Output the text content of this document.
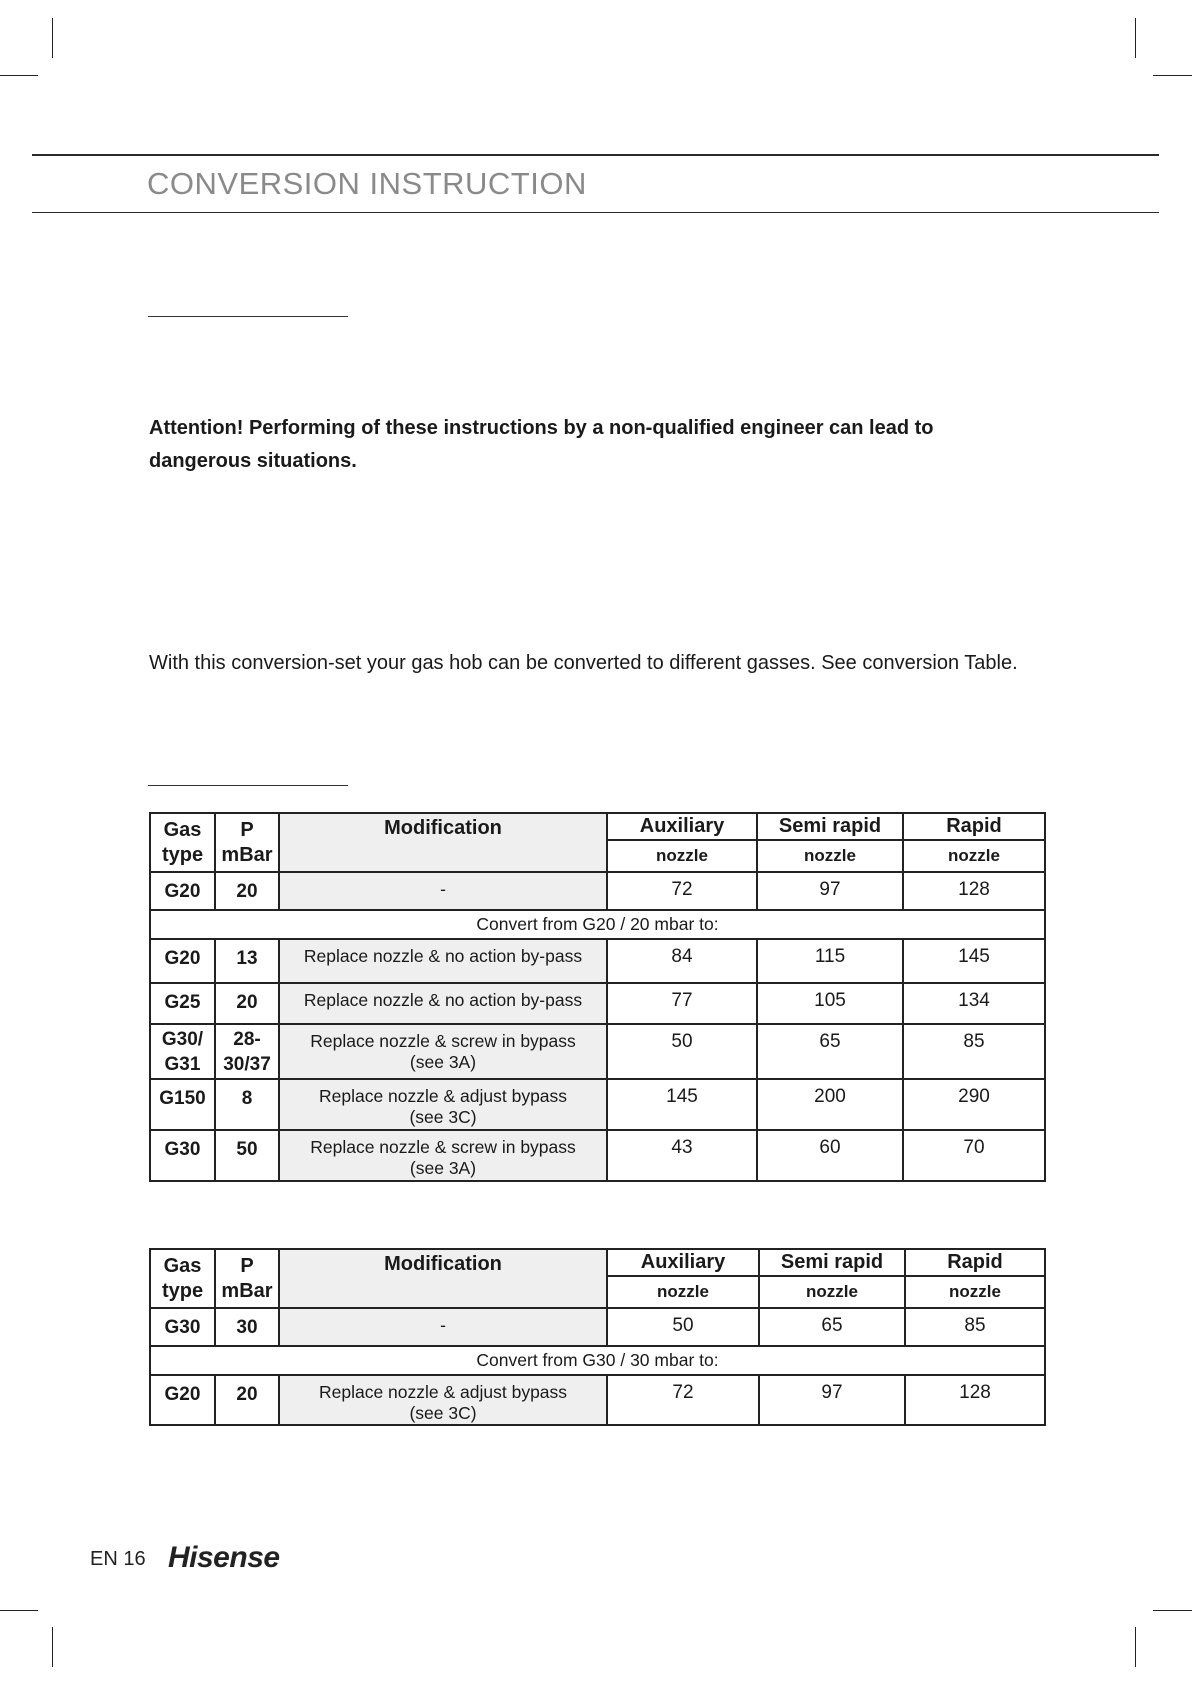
CONVERSION INSTRUCTION
Attention! Performing of these instructions by a non-qualified engineer can lead to dangerous situations.
With this conversion-set your gas hob can be converted to different gasses. See conversion Table.
Gas type	P mBar	Modification	Auxiliary	Semi rapid	Rapid
			nozzle	nozzle	nozzle
G20	20	-	72	97	128
Convert from G20 / 20 mbar to:					
G20	13	Replace nozzle & no action by-pass	84	115	145
G25	20	Replace nozzle & no action by-pass	77	105	134
G30/ G31	28- 30/37	Replace nozzle & screw in bypass (see 3A)	50	65	85
G150	8	Replace nozzle & adjust bypass (see 3C)	145	200	290
G30	50	Replace nozzle & screw in bypass (see 3A)	43	60	70
Gas type	P mBar	Modification	Auxiliary	Semi rapid	Rapid
			nozzle	nozzle	nozzle
G30	30	-	50	65	85
Convert from G30 / 30 mbar to:					
G20	20	Replace nozzle & adjust bypass (see 3C)	72	97	128
EN 16 Hisense
